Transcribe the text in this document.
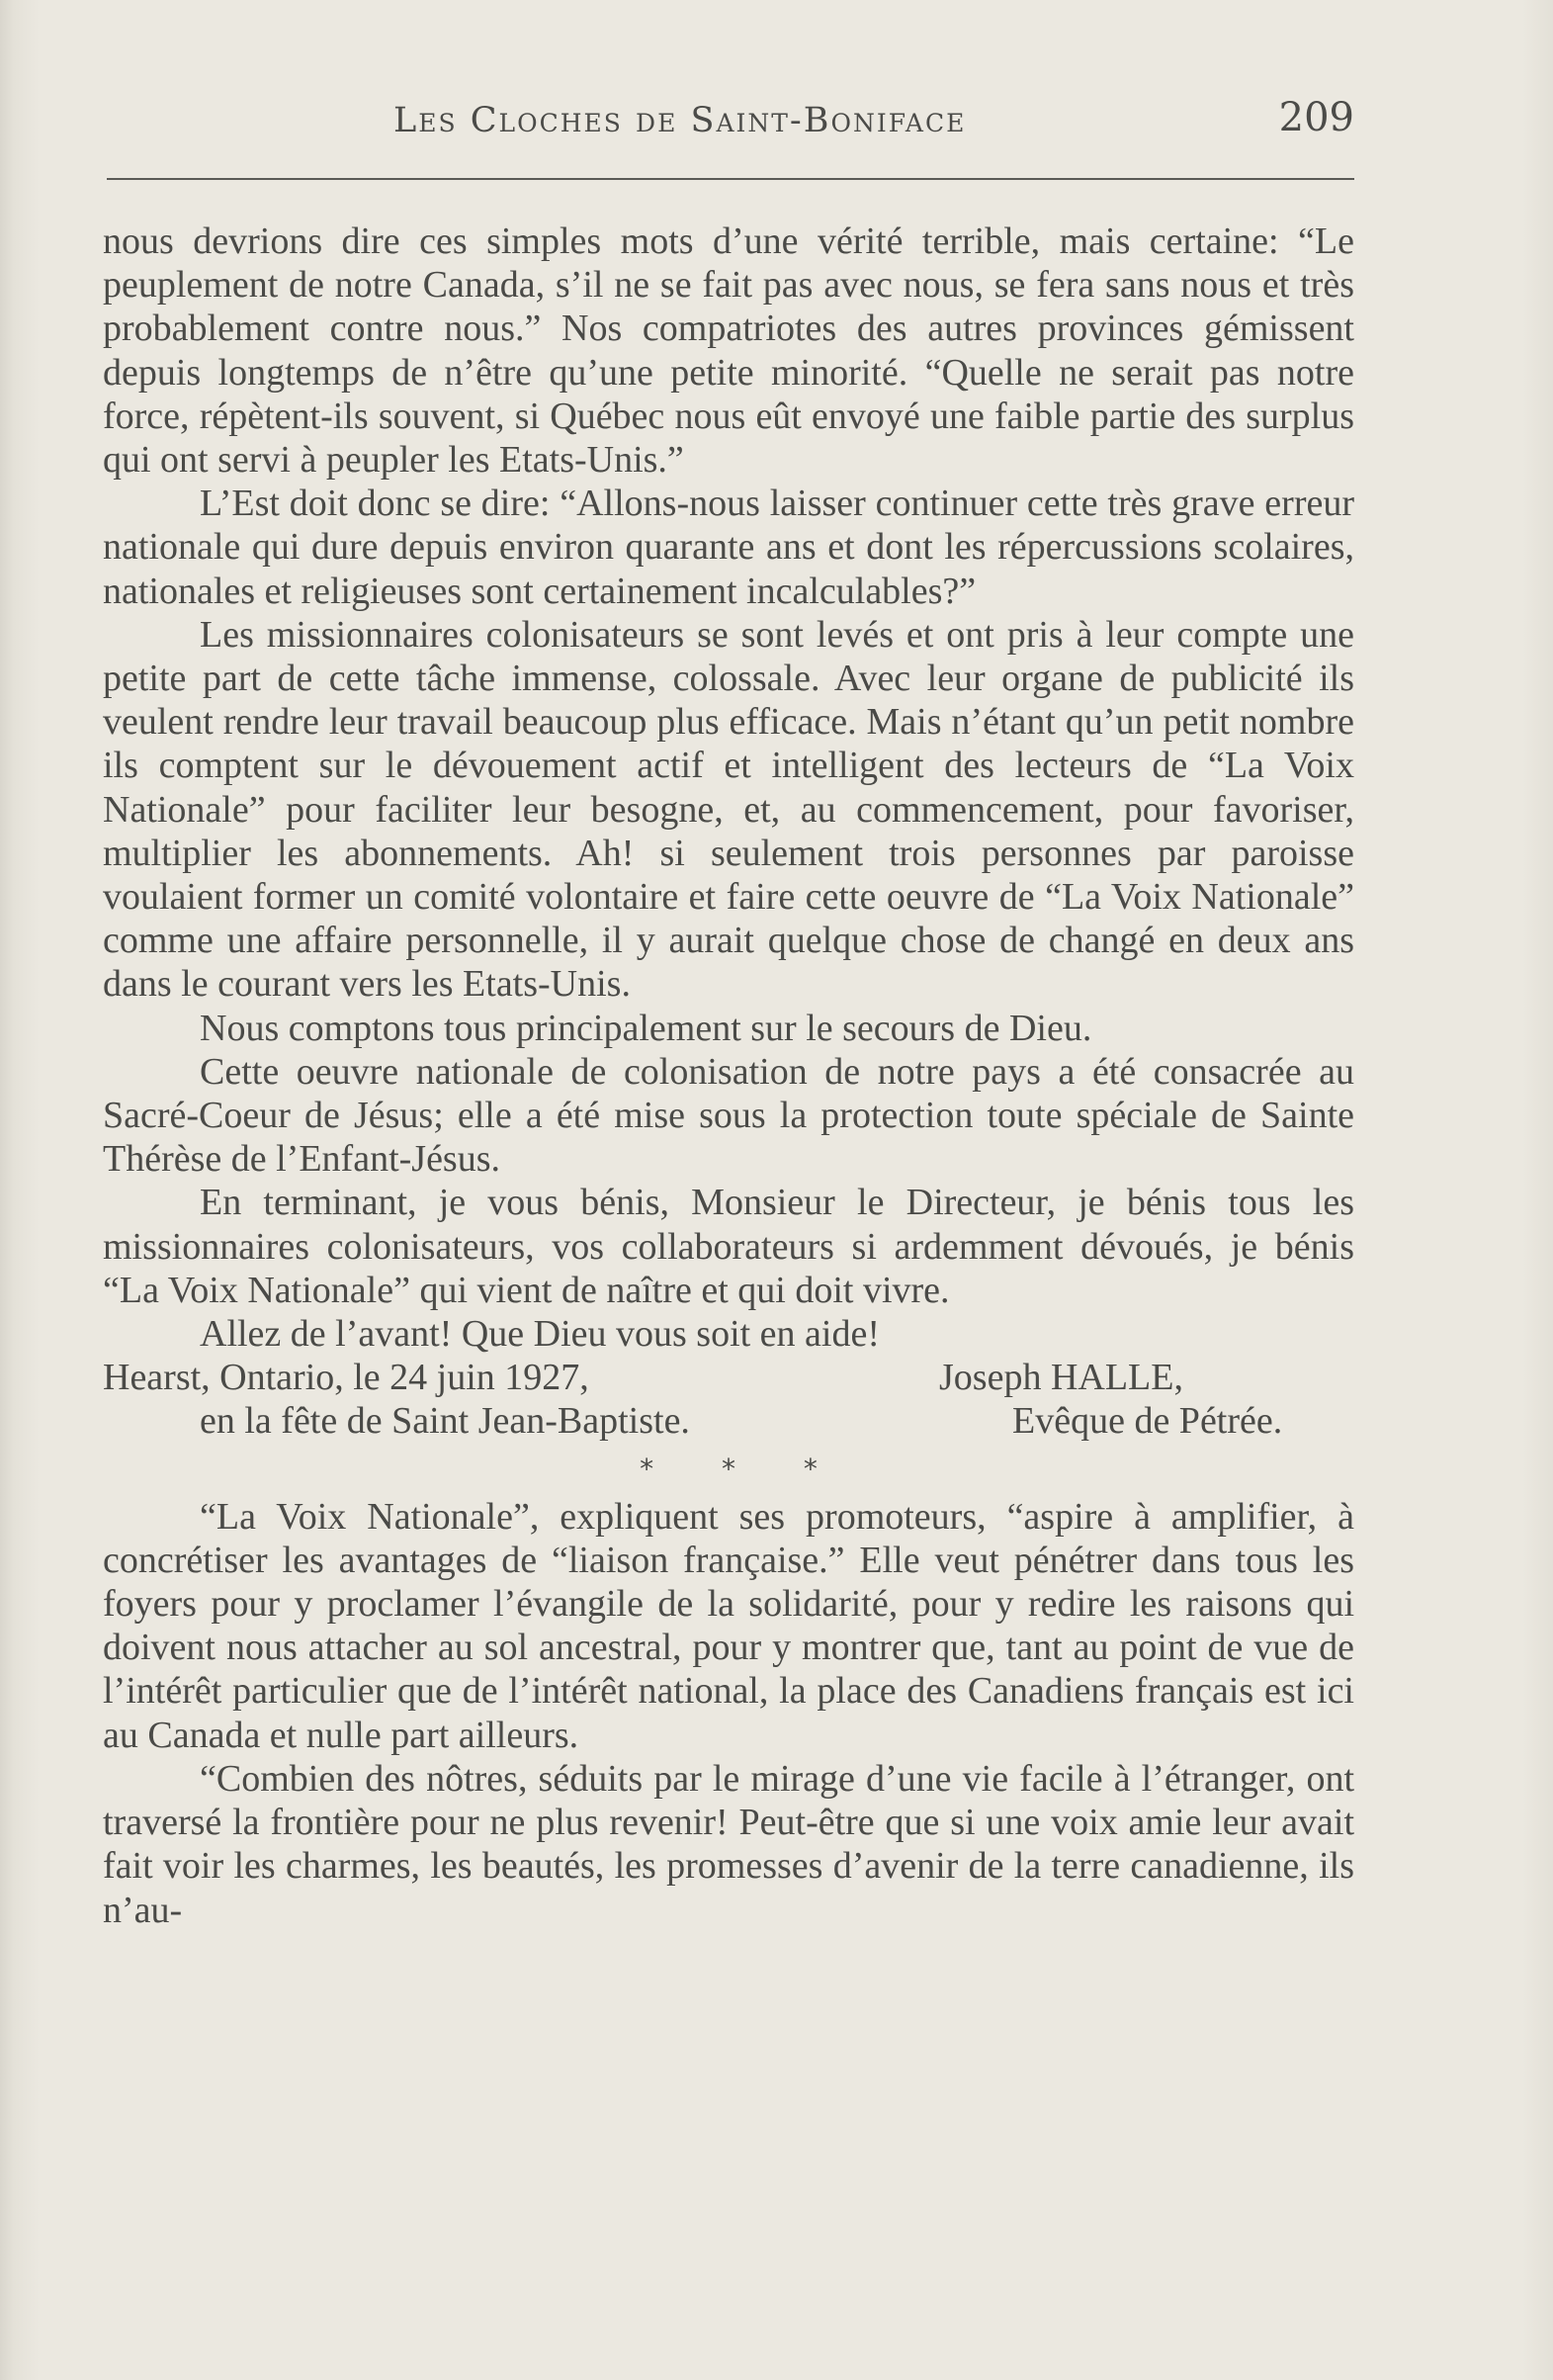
Les Cloches de Saint-Boniface	209

nous devrions dire ces simples mots d’une vérité terrible, mais certaine: “Le peuplement de notre Canada, s’il ne se fait pas avec nous, se fera sans nous et très probablement contre nous.” Nos compatriotes des autres provinces gémissent depuis longtemps de n’être qu’une petite minorité. “Quelle ne serait pas notre force, répètent-ils souvent, si Québec nous eût envoyé une faible partie des surplus qui ont servi à peupler les Etats-Unis.”

L’Est doit donc se dire: “Allons-nous laisser continuer cette très grave erreur nationale qui dure depuis environ quarante ans et dont les répercussions scolaires, nationales et religieuses sont certainement incalculables?”

Les missionnaires colonisateurs se sont levés et ont pris à leur compte une petite part de cette tâche immense, colossale. Avec leur organe de publicité ils veulent rendre leur travail beaucoup plus efficace. Mais n’étant qu’un petit nombre ils comptent sur le dévouement actif et intelligent des lecteurs de “La Voix Nationale” pour faciliter leur besogne, et, au commencement, pour favoriser, multiplier les abonnements. Ah! si seulement trois personnes par paroisse voulaient former un comité volontaire et faire cette oeuvre de “La Voix Nationale” comme une affaire personnelle, il y aurait quelque chose de changé en deux ans dans le courant vers les Etats-Unis.

Nous comptons tous principalement sur le secours de Dieu.

Cette oeuvre nationale de colonisation de notre pays a été consacrée au Sacré-Coeur de Jésus; elle a été mise sous la protection toute spéciale de Sainte Thérèse de l’Enfant-Jésus.

En terminant, je vous bénis, Monsieur le Directeur, je bénis tous les missionnaires colonisateurs, vos collaborateurs si ardemment dévoués, je bénis “La Voix Nationale” qui vient de naître et qui doit vivre.

Allez de l’avant! Que Dieu vous soit en aide!

Hearst, Ontario, le 24 juin 1927,	Joseph HALLE,
en la fête de Saint Jean-Baptiste.	Evêque de Pétrée.

* * *

“La Voix Nationale”, expliquent ses promoteurs, “aspire à amplifier, à concrétiser les avantages de “liaison française.” Elle veut pénétrer dans tous les foyers pour y proclamer l’évangile de la solidarité, pour y redire les raisons qui doivent nous attacher au sol ancestral, pour y montrer que, tant au point de vue de l’intérêt particulier que de l’intérêt national, la place des Canadiens français est ici au Canada et nulle part ailleurs.

“Combien des nôtres, séduits par le mirage d’une vie facile à l’étranger, ont traversé la frontière pour ne plus revenir! Peut-être que si une voix amie leur avait fait voir les charmes, les beautés, les promesses d’avenir de la terre canadienne, ils n’au-
